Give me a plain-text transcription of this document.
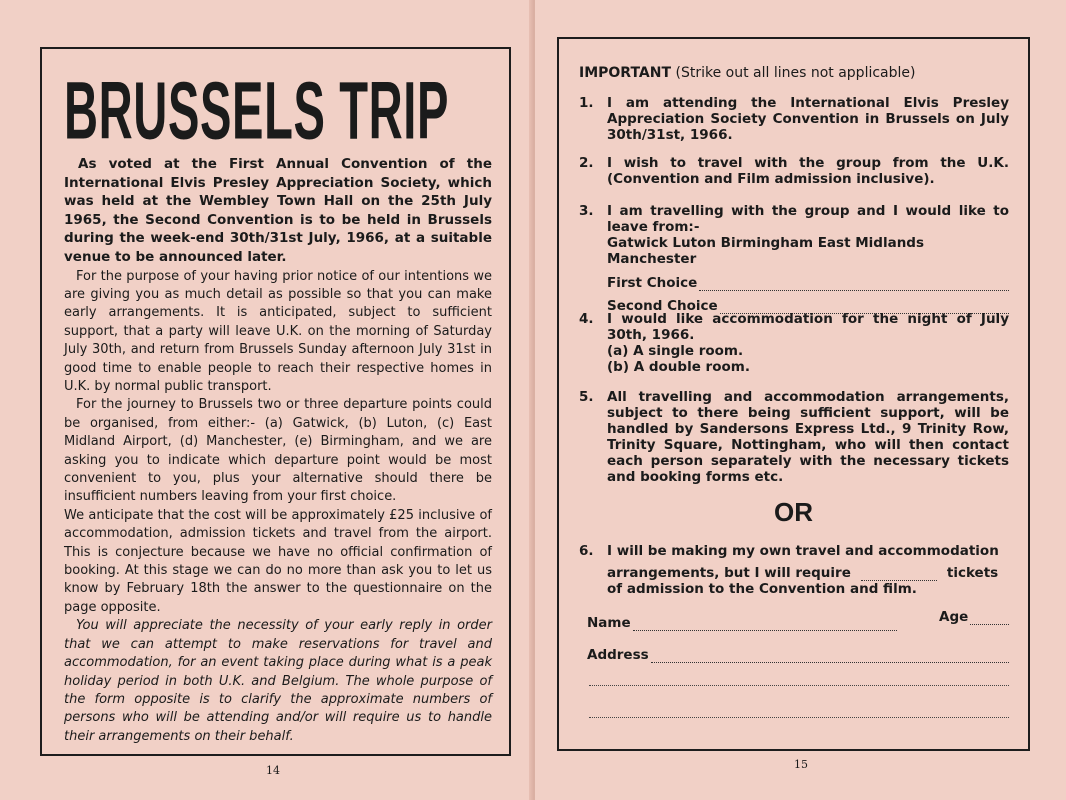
BRUSSELS TRIP

As voted at the First Annual Convention of the International Elvis Presley Appreciation Society, which was held at the Wembley Town Hall on the 25th July 1965, the Second Convention is to be held in Brussels during the week-end 30th/31st July, 1966, at a suitable venue to be announced later.

For the purpose of your having prior notice of our intentions we are giving you as much detail as possible so that you can make early arrangements. It is anticipated, subject to sufficient support, that a party will leave U.K. on the morning of Saturday July 30th, and return from Brussels Sunday afternoon July 31st in good time to enable people to reach their respective homes in U.K. by normal public transport.

For the journey to Brussels two or three departure points could be organised, from either:- (a) Gatwick, (b) Luton, (c) East Midland Airport, (d) Manchester, (e) Birmingham, and we are asking you to indicate which departure point would be most convenient to you, plus your alternative should there be insufficient numbers leaving from your first choice.

We anticipate that the cost will be approximately £25 inclusive of accommodation, admission tickets and travel from the airport. This is conjecture because we have no official confirmation of booking. At this stage we can do no more than ask you to let us know by February 18th the answer to the questionnaire on the page opposite.

You will appreciate the necessity of your early reply in order that we can attempt to make reservations for travel and accommodation, for an event taking place during what is a peak holiday period in both U.K. and Belgium. The whole purpose of the form opposite is to clarify the approximate numbers of persons who will be attending and/or will require us to handle their arrangements on their behalf.

14
IMPORTANT (Strike out all lines not applicable)
1. I am attending the International Elvis Presley Appreciation Society Convention in Brussels on July 30th/31st, 1966.
2. I wish to travel with the group from the U.K. (Convention and Film admission inclusive).
3. I am travelling with the group and I would like to leave from:-
Gatwick Luton Birmingham East Midlands Manchester
First Choice
Second Choice
4. I would like accommodation for the night of July 30th, 1966.
(a) A single room.
(b) A double room.
5. All travelling and accommodation arrangements, subject to there being sufficient support, will be handled by Sandersons Express Ltd., 9 Trinity Row, Trinity Square, Nottingham, who will then contact each person separately with the necessary tickets and booking forms etc.
OR
6. I will be making my own travel and accommodation
arrangements, but I will require	tickets
of admission to the Convention and film.
Name	Age
Address
15
